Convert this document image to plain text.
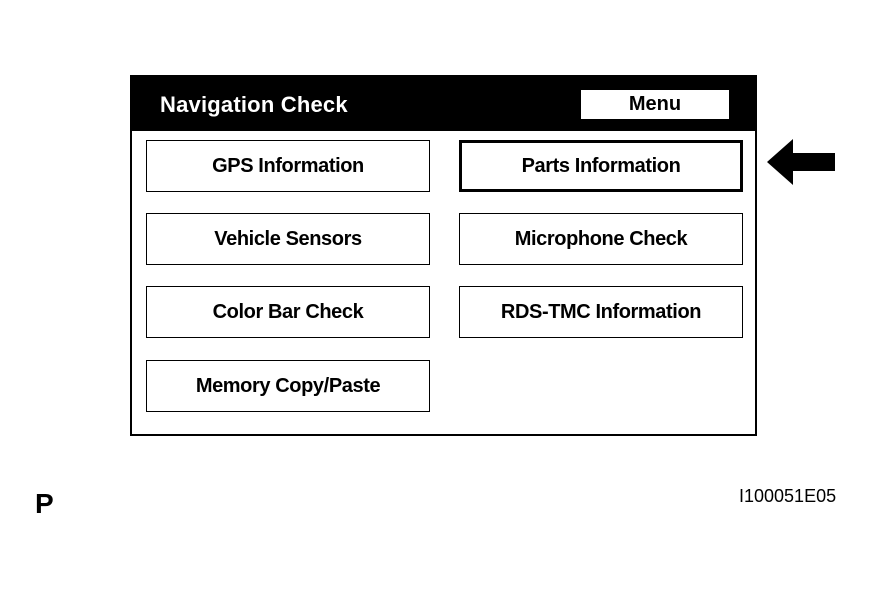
Navigation Check	Menu
GPS Information	Parts Information
Vehicle Sensors	Microphone Check
Color Bar Check	RDS-TMC Information
Memory Copy/Paste
P	I100051E05
